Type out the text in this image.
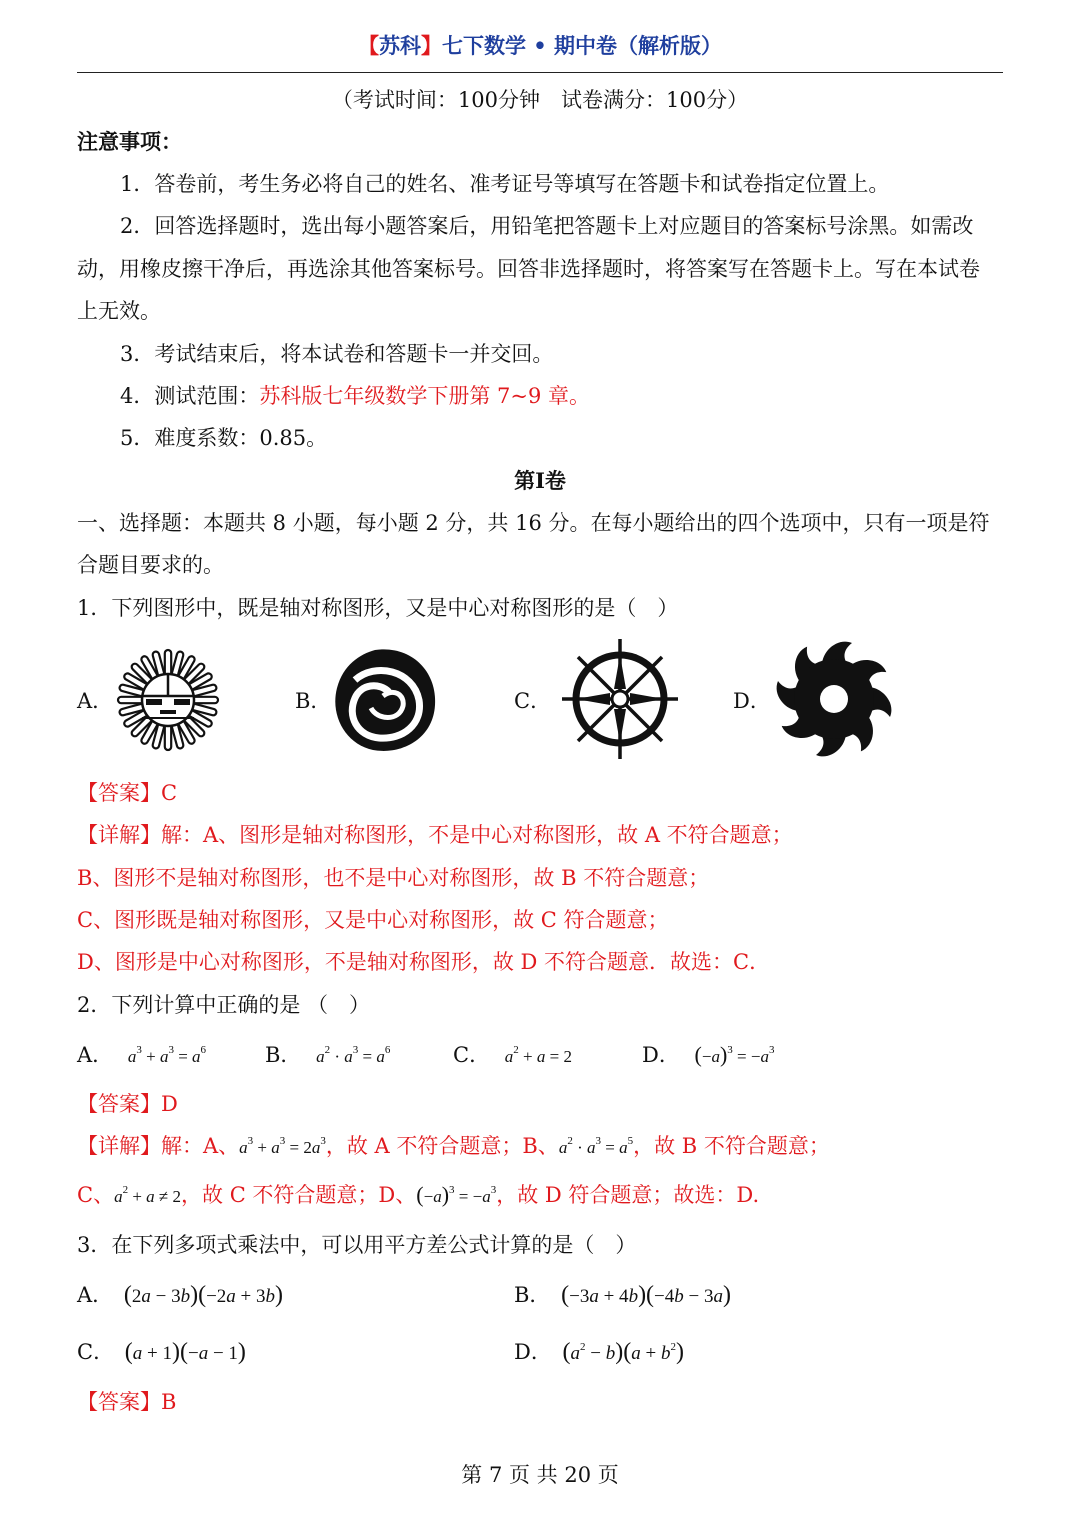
【苏科】七下数学 • 期中卷（解析版）
（考试时间：100分钟　试卷满分：100分）
注意事项：
1．答卷前，考生务必将自己的姓名、准考证号等填写在答题卡和试卷指定位置上。
2．回答选择题时，选出每小题答案后，用铅笔把答题卡上对应题目的答案标号涂黑。如需改
动，用橡皮擦干净后，再选涂其他答案标号。回答非选择题时，将答案写在答题卡上。写在本试卷
上无效。
3．考试结束后，将本试卷和答题卡一并交回。
4．测试范围：苏科版七年级数学下册第 7~9 章。
5．难度系数：0.85。
第I卷
一、选择题：本题共 8 小题，每小题 2 分，共 16 分。在每小题给出的四个选项中，只有一项是符
合题目要求的。
1．下列图形中，既是轴对称图形，又是中心对称图形的是（　）
A．	B．	C．	D．
【答案】C
【详解】解：A、图形是轴对称图形，不是中心对称图形，故 A 不符合题意；
B、图形不是轴对称图形，也不是中心对称图形，故 B 不符合题意；
C、图形既是轴对称图形，又是中心对称图形，故 C 符合题意；
D、图形是中心对称图形，不是轴对称图形，故 D 不符合题意．故选：C．
2．下列计算中正确的是 （　）
A． $a^3 + a^3 = a^6$	B． $a^2 \cdot a^3 = a^6$	C． $a^2 + a = 2$	D． $(-a)^3 = -a^3$
【答案】D
【详解】解：A、$a^3 + a^3 = 2a^3$，故 A 不符合题意；B、$a^2 \cdot a^3 = a^5$，故 B 不符合题意；
C、$a^2 + a \ne 2$，故 C 不符合题意；D、$(-a)^3 = -a^3$，故 D 符合题意；故选：D.
3．在下列多项式乘法中，可以用平方差公式计算的是（　）
A． (2a − 3b)(−2a + 3b)	B． (−3a + 4b)(−4b − 3a)
C． (a + 1)(−a − 1)	D． $(a^2 - b)(a + b^2)$
【答案】B
第 7 页 共 20 页
